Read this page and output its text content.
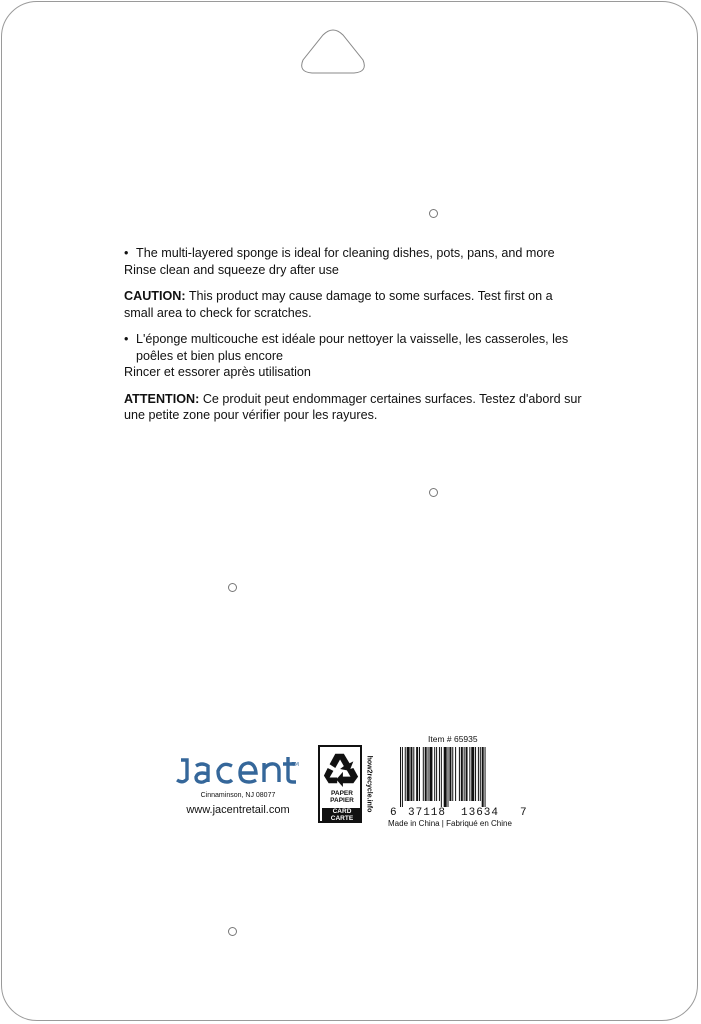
• The multi-layered sponge is ideal for cleaning dishes, pots, pans, and more

Rinse clean and squeeze dry after use

CAUTION: This product may cause damage to some surfaces. Test first on a small area to check for scratches.

• L'éponge multicouche est idéale pour nettoyer la vaisselle, les casseroles, les poêles et bien plus encore

Rincer et essorer après utilisation

ATTENTION: Ce produit peut endommager certaines surfaces. Testez d'abord sur une petite zone pour vérifier pour les rayures.

TM
Cinnaminson, NJ 08077
www.jacentretail.com
PAPER
PAPIER
CARD
CARTE
how2recycle.info
Item # 65935
6 37118 13634 7
Made in China | Fabriqué en Chine
